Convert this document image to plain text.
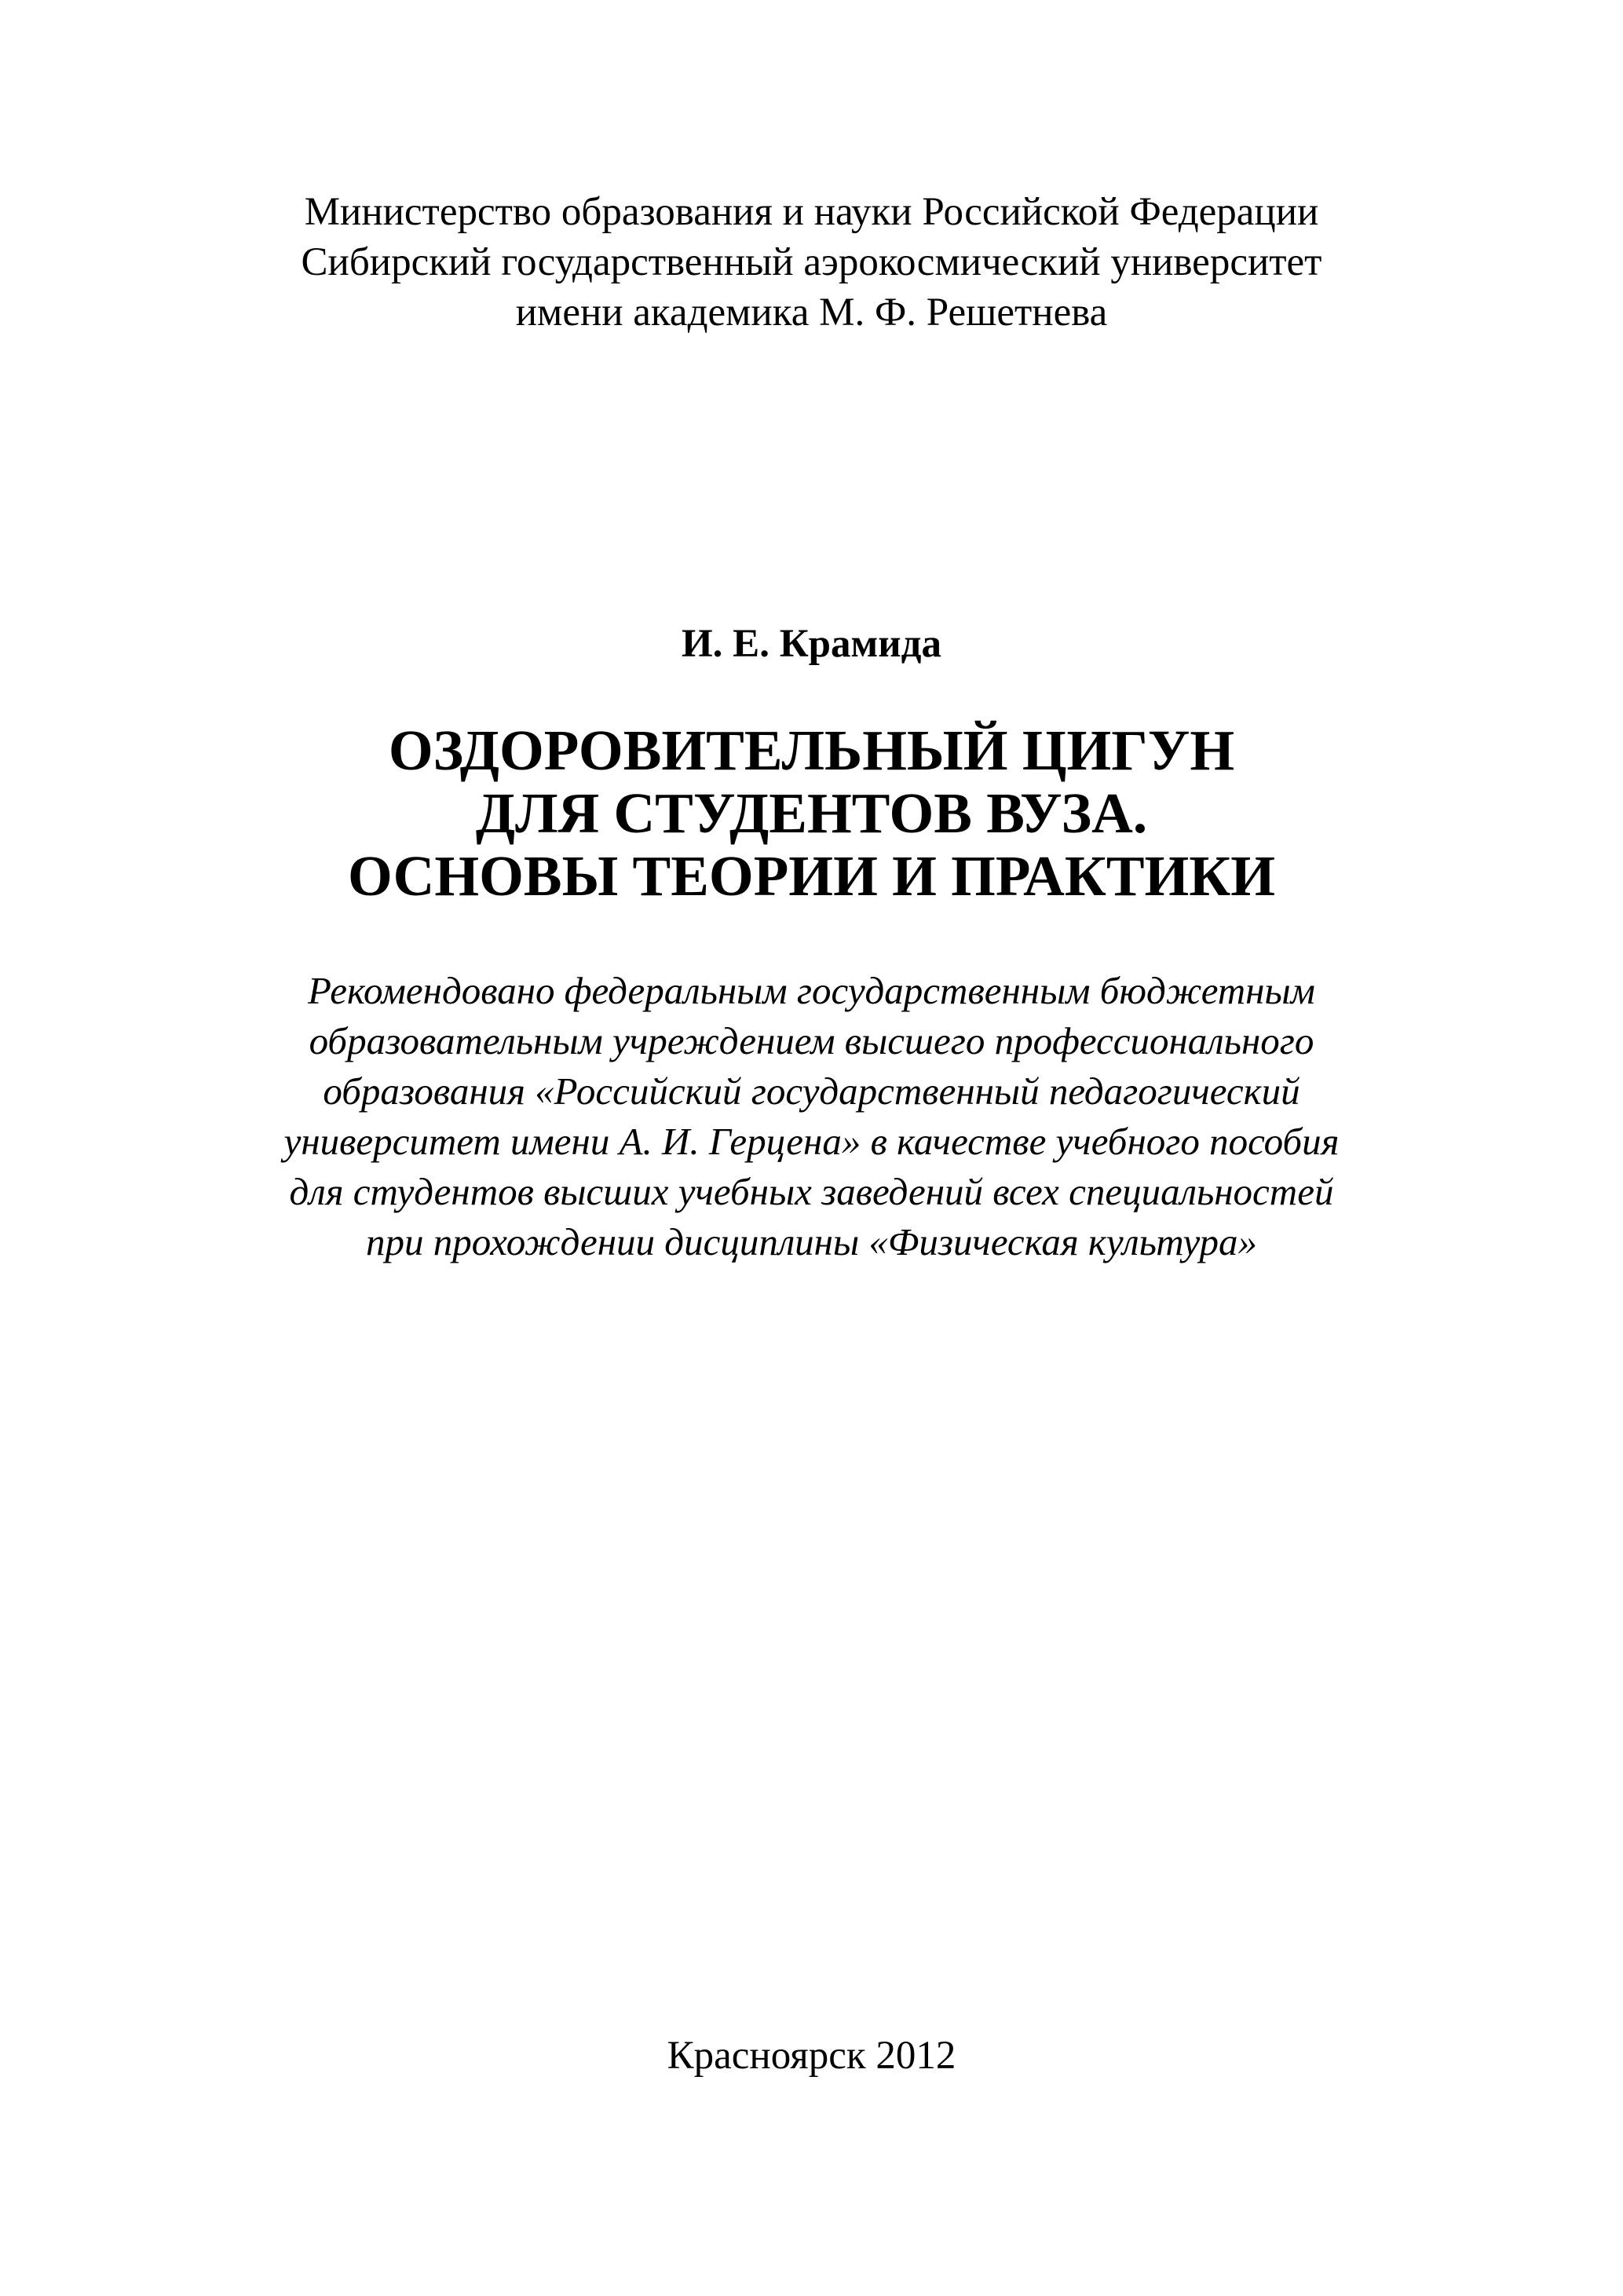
Министерство образования и науки Российской Федерации
Сибирский государственный аэрокосмический университет
имени академика М. Ф. Решетнева
И. Е. Крамида
ОЗДОРОВИТЕЛЬНЫЙ ЦИГУН
ДЛЯ СТУДЕНТОВ ВУЗА.
ОСНОВЫ ТЕОРИИ И ПРАКТИКИ
Рекомендовано федеральным государственным бюджетным
образовательным учреждением высшего профессионального
образования «Российский государственный педагогический
университет имени А. И. Герцена» в качестве учебного пособия
для студентов высших учебных заведений всех специальностей
при прохождении дисциплины «Физическая культура»
Красноярск 2012
